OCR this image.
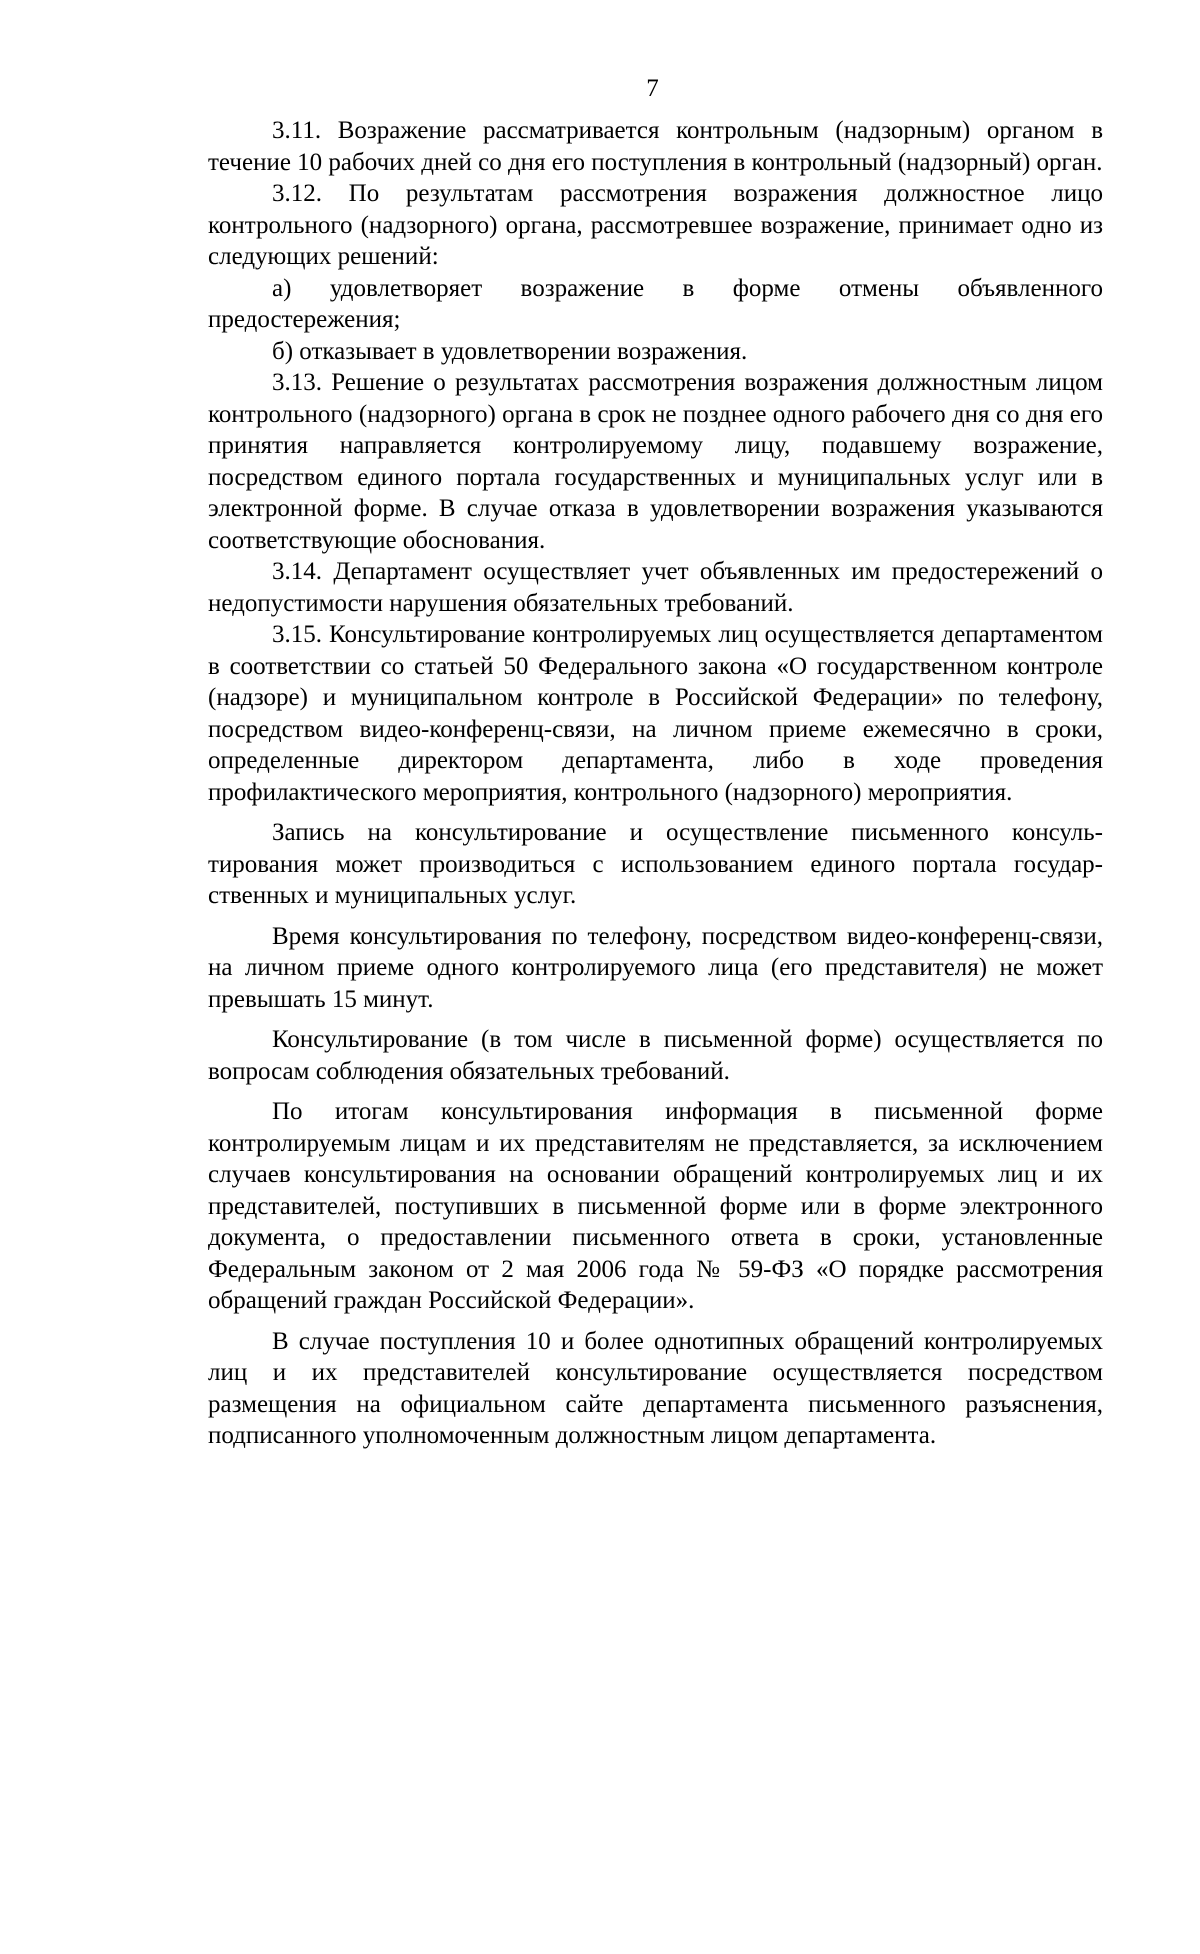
7

3.11. Возражение рассматривается контрольным (надзорным) органом в течение 10 рабочих дней со дня его поступления в контрольный (надзорный) орган.

3.12. По результатам рассмотрения возражения должностное лицо контрольного (надзорного) органа, рассмотревшее возражение, принимает одно из следующих решений:

а) удовлетворяет возражение в форме отмены объявленного предостережения;

б) отказывает в удовлетворении возражения.

3.13. Решение о результатах рассмотрения возражения должностным лицом контрольного (надзорного) органа в срок не позднее одного рабочего дня со дня его принятия направляется контролируемому лицу, подавшему возражение, посредством единого портала государственных и муниципальных услуг или в электронной форме. В случае отказа в удовлетворении возражения указываются соответствующие обоснования.

3.14. Департамент осуществляет учет объявленных им предостережений о недопустимости нарушения обязательных требований.

3.15. Консультирование контролируемых лиц осуществляется департаментом в соответствии со статьей 50 Федерального закона «О государственном контроле (надзоре) и муниципальном контроле в Российской Федерации» по телефону, посредством видео-конференц-связи, на личном приеме ежемесячно в сроки, определенные директором департамента, либо в ходе проведения профилактического мероприятия, контрольного (надзорного) мероприятия.

Запись на консультирование и осуществление письменного консультирования может производиться с использованием единого портала государственных и муниципальных услуг.

Время консультирования по телефону, посредством видео-конференц-связи, на личном приеме одного контролируемого лица (его представителя) не может превышать 15 минут.

Консультирование (в том числе в письменной форме) осуществляется по вопросам соблюдения обязательных требований.

По итогам консультирования информация в письменной форме контролируемым лицам и их представителям не представляется, за исключением случаев консультирования на основании обращений контролируемых лиц и их представителей, поступивших в письменной форме или в форме электронного документа, о предоставлении письменного ответа в сроки, установленные Федеральным законом от 2 мая 2006 года № 59-ФЗ «О порядке рассмотрения обращений граждан Российской Федерации».

В случае поступления 10 и более однотипных обращений контролируемых лиц и их представителей консультирование осуществляется посредством размещения на официальном сайте департамента письменного разъяснения, подписанного уполномоченным должностным лицом департамента.
